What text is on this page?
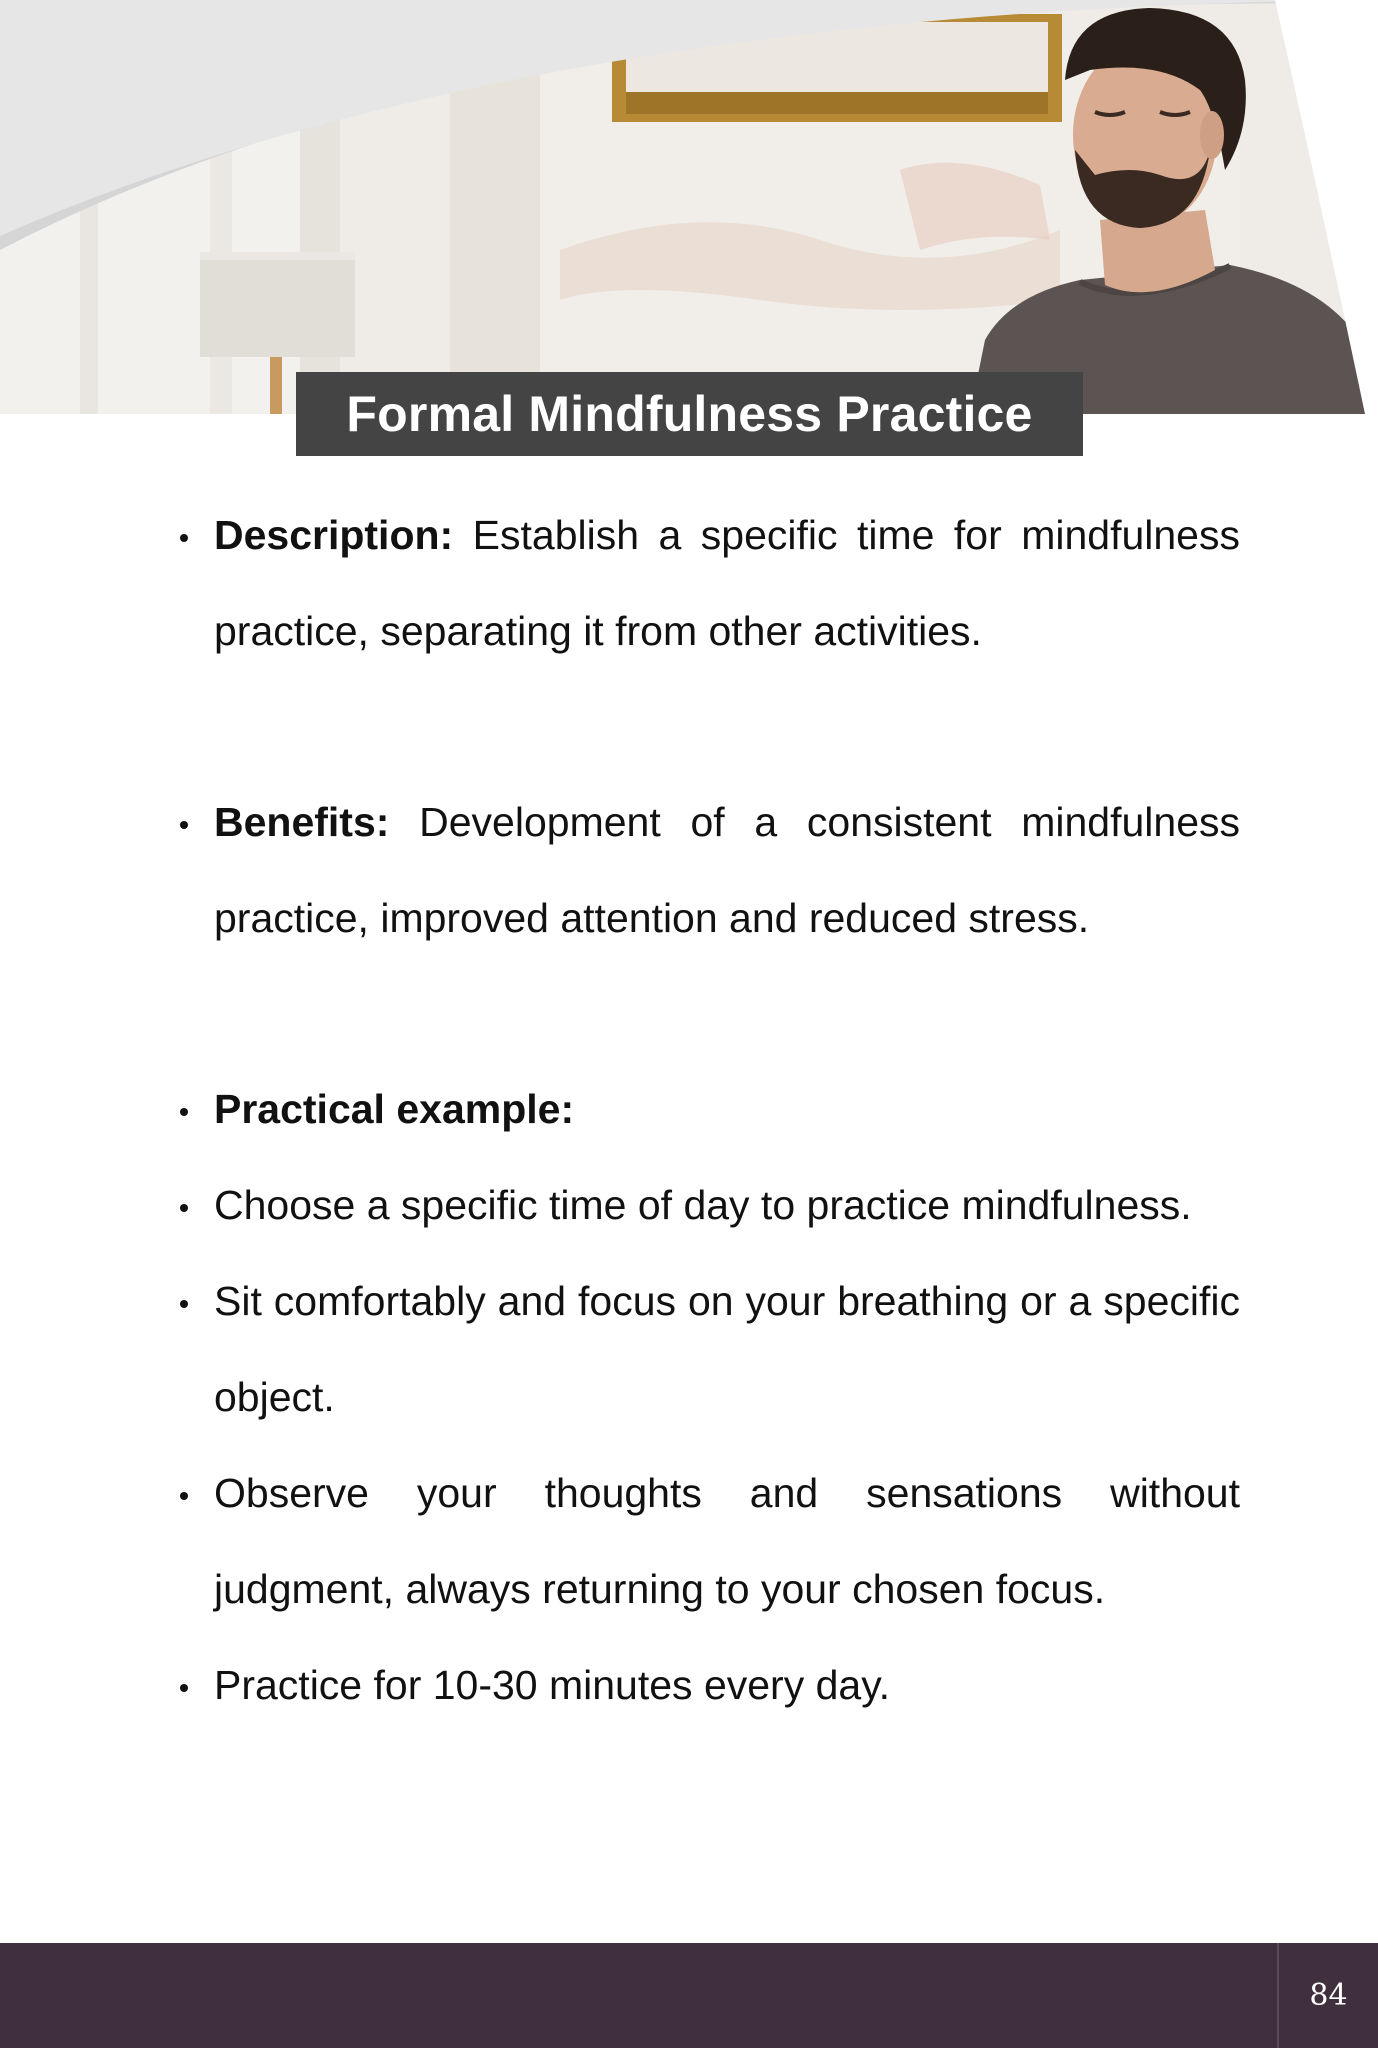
Formal Mindfulness Practice
Description: Establish a specific time for mindfulness practice, separating it from other activities.
Benefits: Development of a consistent mindfulness practice, improved attention and reduced stress.
Practical example:
Choose a specific time of day to practice mindfulness.
Sit comfortably and focus on your breathing or a specific object.
Observe your thoughts and sensations without judgment, always returning to your chosen focus.
Practice for 10-30 minutes every day.
84
